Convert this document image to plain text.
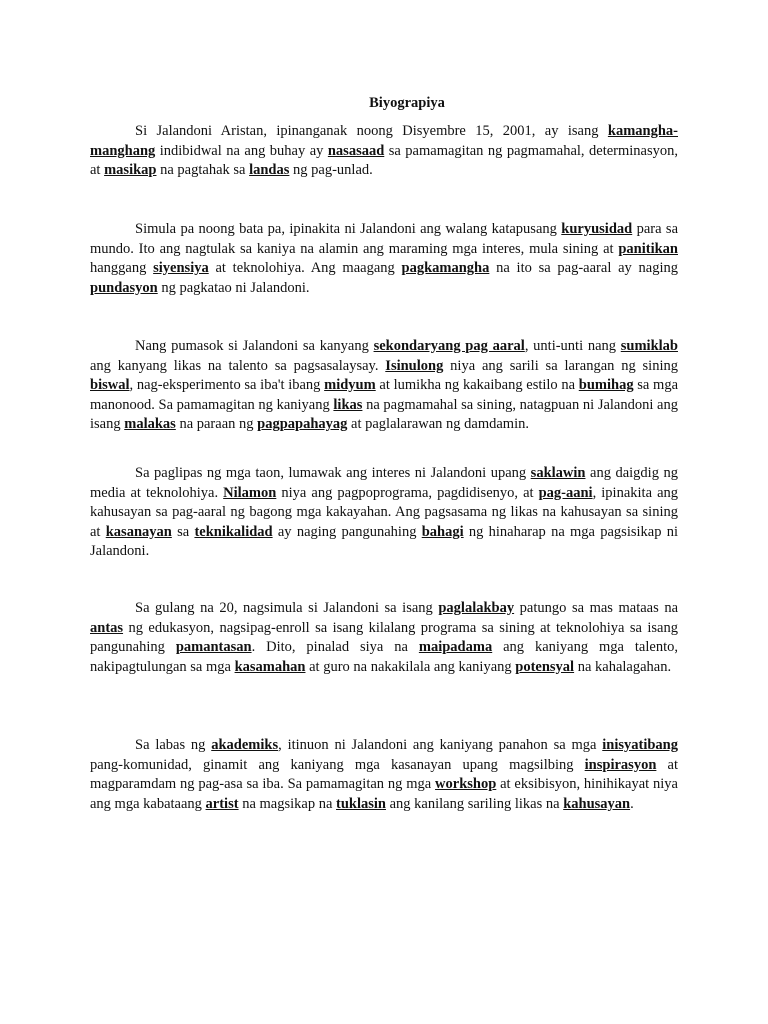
Biyograpiya

Si Jalandoni Aristan, ipinanganak noong Disyembre 15, 2001, ay isang kamangha-manghang indibidwal na ang buhay ay nasasaad sa pamamagitan ng pagmamahal, determinasyon, at masikap na pagtahak sa landas ng pag-unlad.

Simula pa noong bata pa, ipinakita ni Jalandoni ang walang katapusang kuryusidad para sa mundo. Ito ang nagtulak sa kaniya na alamin ang maraming mga interes, mula sining at panitikan hanggang siyensiya at teknolohiya. Ang maagang pagkamangha na ito sa pag-aaral ay naging pundasyon ng pagkatao ni Jalandoni.

Nang pumasok si Jalandoni sa kanyang sekondaryang pag aaral, unti-unti nang sumiklab ang kanyang likas na talento sa pagsasalaysay. Isinulong niya ang sarili sa larangan ng sining biswal, nag-eksperimento sa iba't ibang midyum at lumikha ng kakaibang estilo na bumihag sa mga manonood. Sa pamamagitan ng kaniyang likas na pagmamahal sa sining, natagpuan ni Jalandoni ang isang malakas na paraan ng pagpapahayag at paglalarawan ng damdamin.

Sa paglipas ng mga taon, lumawak ang interes ni Jalandoni upang saklawin ang daigdig ng media at teknolohiya. Nilamon niya ang pagpoprograma, pagdidisenyo, at pag-aani, ipinakita ang kahusayan sa pag-aaral ng bagong mga kakayahan. Ang pagsasama ng likas na kahusayan sa sining at kasanayan sa teknikalidad ay naging pangunahing bahagi ng hinaharap na mga pagsisikap ni Jalandoni.

Sa gulang na 20, nagsimula si Jalandoni sa isang paglalakbay patungo sa mas mataas na antas ng edukasyon, nagsipag-enroll sa isang kilalang programa sa sining at teknolohiya sa isang pangunahing pamantasan. Dito, pinalad siya na maipadama ang kaniyang mga talento, nakipagtulungan sa mga kasamahan at guro na nakakilala ang kaniyang potensyal na kahalagahan.

Sa labas ng akademiks, itinuon ni Jalandoni ang kaniyang panahon sa mga inisyatibang pang-komunidad, ginamit ang kaniyang mga kasanayan upang magsilbing inspirasyon at magparamdam ng pag-asa sa iba. Sa pamamagitan ng mga workshop at eksibisyon, hinihikayat niya ang mga kabataang artist na magsikap na tuklasin ang kanilang sariling likas na kahusayan.
